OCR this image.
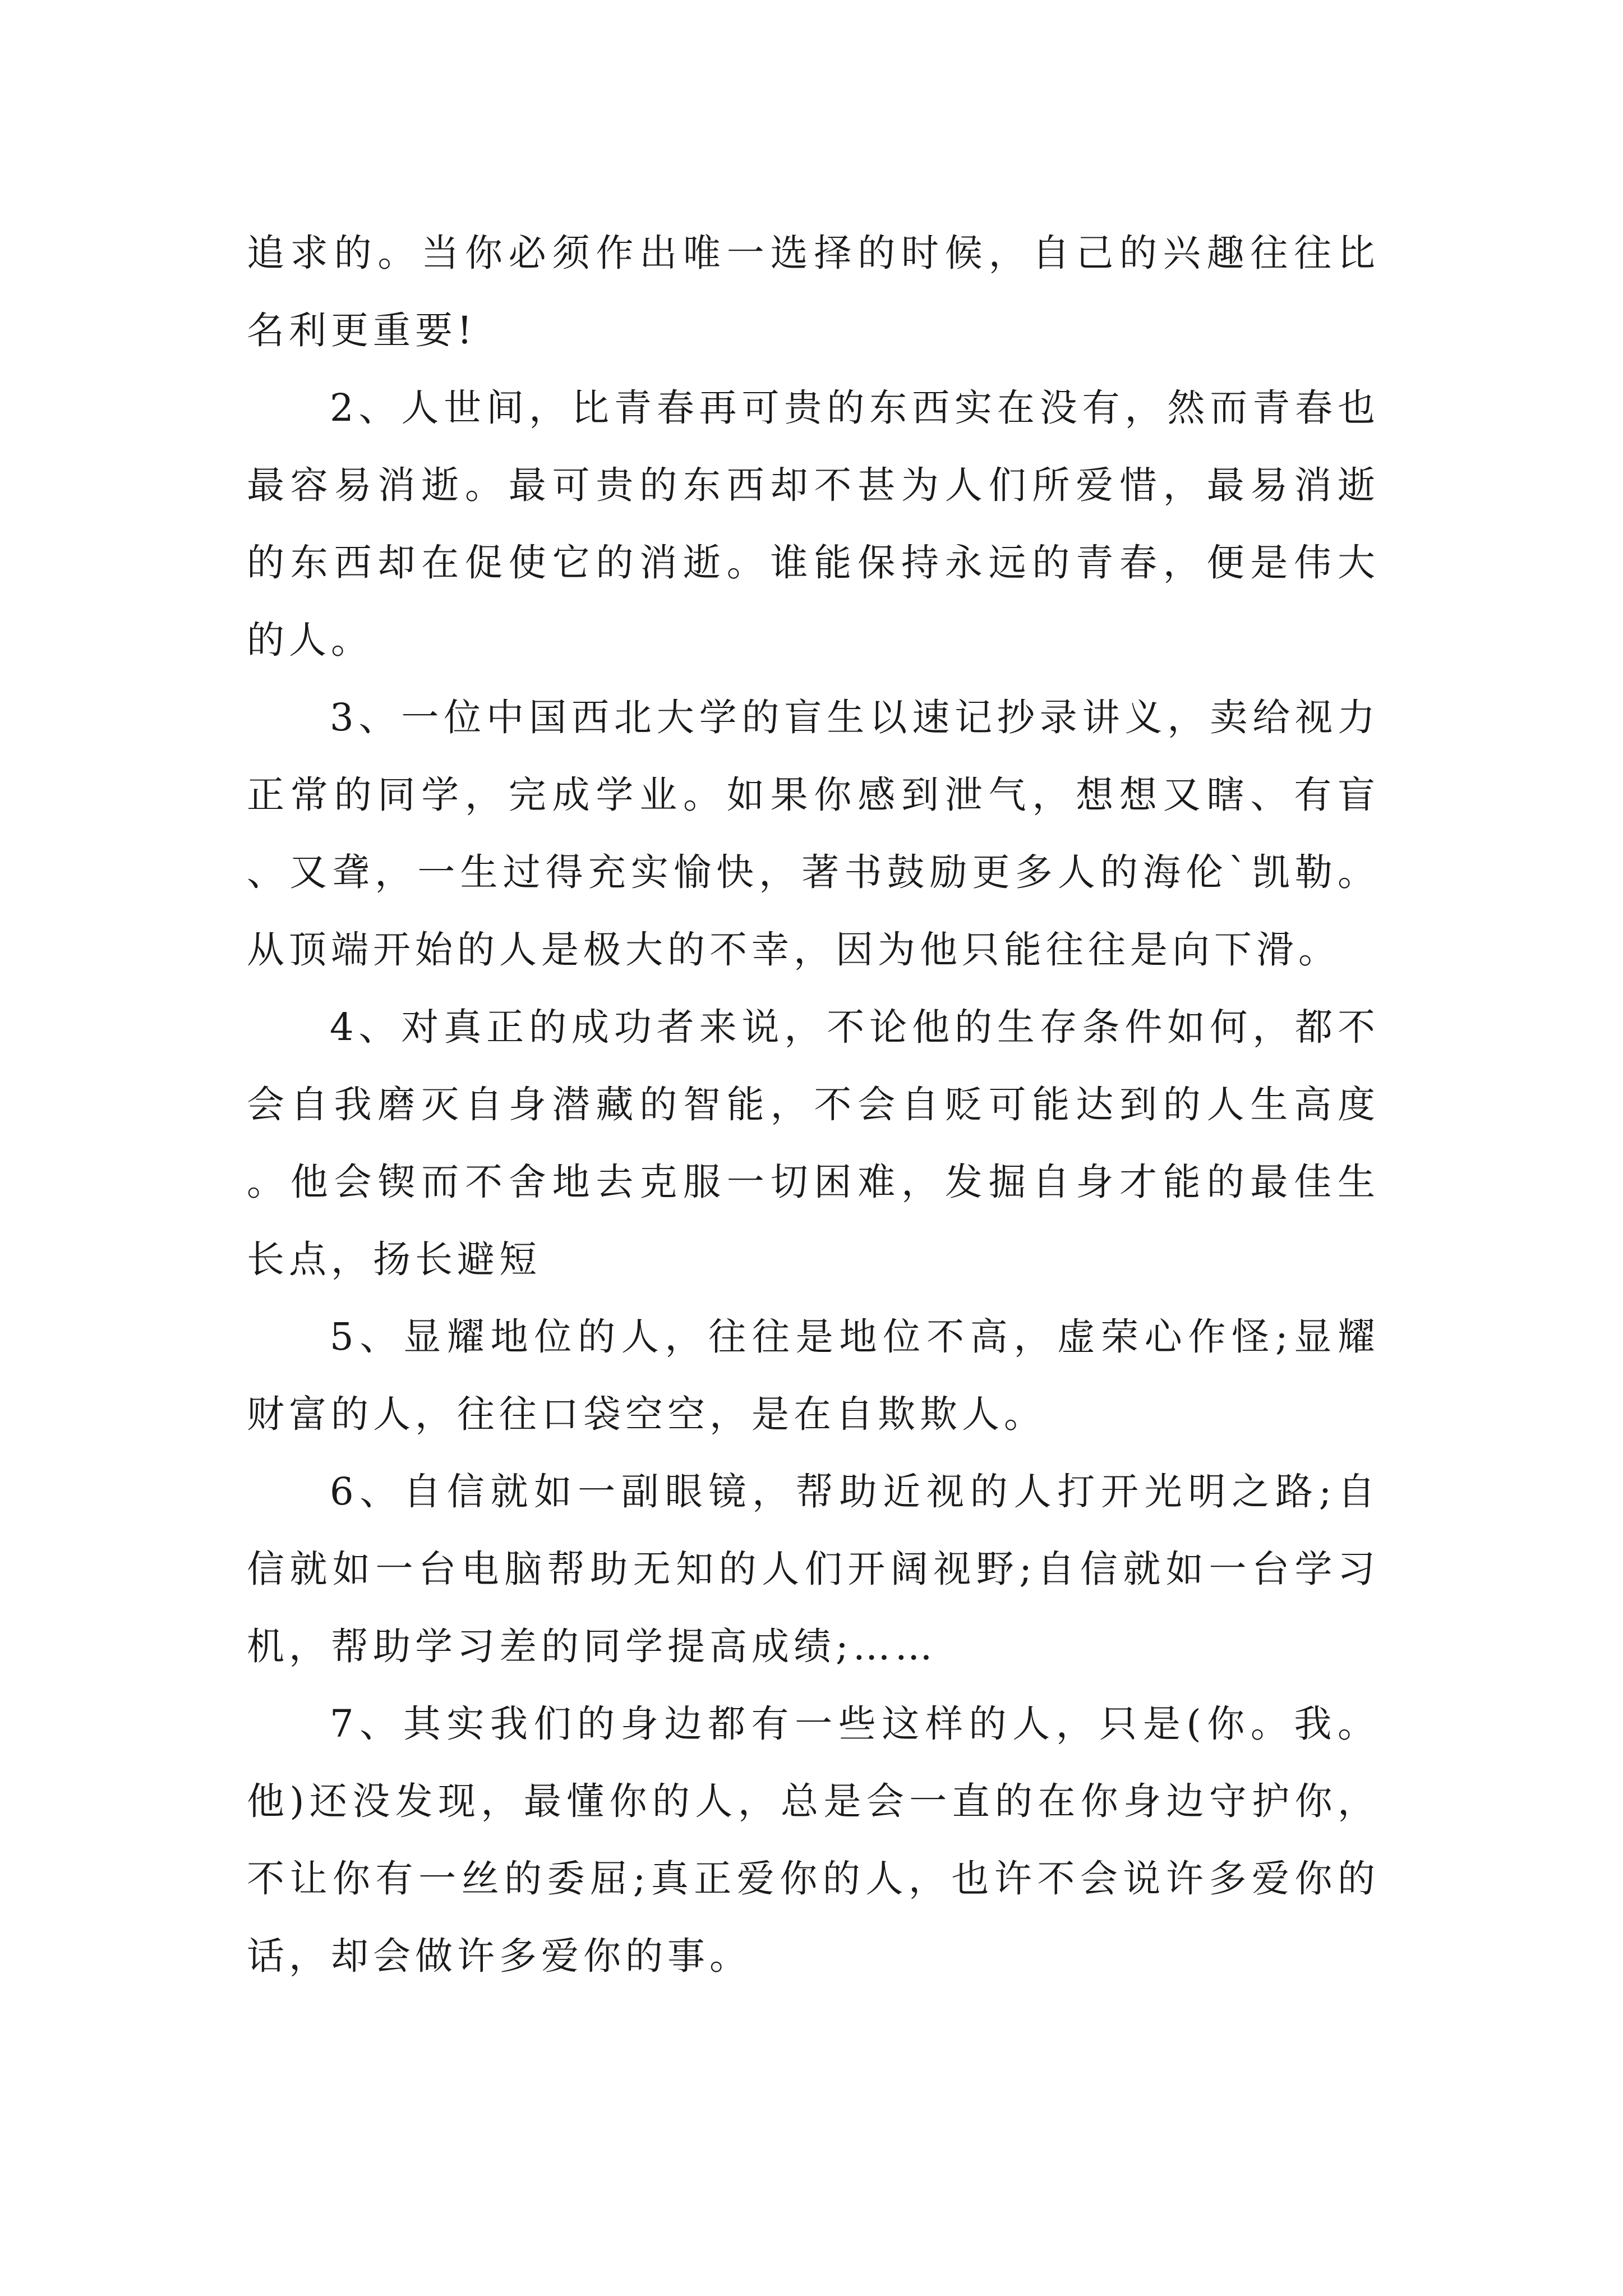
追求的。当你必须作出唯一选择的时候，自己的兴趣往往比名利更重要!

2、人世间，比青春再可贵的东西实在没有，然而青春也最容易消逝。最可贵的东西却不甚为人们所爱惜，最易消逝的东西却在促使它的消逝。谁能保持永远的青春，便是伟大的人。

3、一位中国西北大学的盲生以速记抄录讲义，卖给视力正常的同学，完成学业。如果你感到泄气，想想又瞎、有盲、又聋，一生过得充实愉快，著书鼓励更多人的海伦`凯勒。从顶端开始的人是极大的不幸，因为他只能往往是向下滑。

4、对真正的成功者来说，不论他的生存条件如何，都不会自我磨灭自身潜藏的智能，不会自贬可能达到的人生高度。他会锲而不舍地去克服一切困难，发掘自身才能的最佳生长点，扬长避短

5、显耀地位的人，往往是地位不高，虚荣心作怪;显耀财富的人，往往口袋空空，是在自欺欺人。

6、自信就如一副眼镜，帮助近视的人打开光明之路;自信就如一台电脑帮助无知的人们开阔视野;自信就如一台学习机，帮助学习差的同学提高成绩;……

7、其实我们的身边都有一些这样的人，只是(你。我。他)还没发现，最懂你的人，总是会一直的在你身边守护你，不让你有一丝的委屈;真正爱你的人，也许不会说许多爱你的话，却会做许多爱你的事。
